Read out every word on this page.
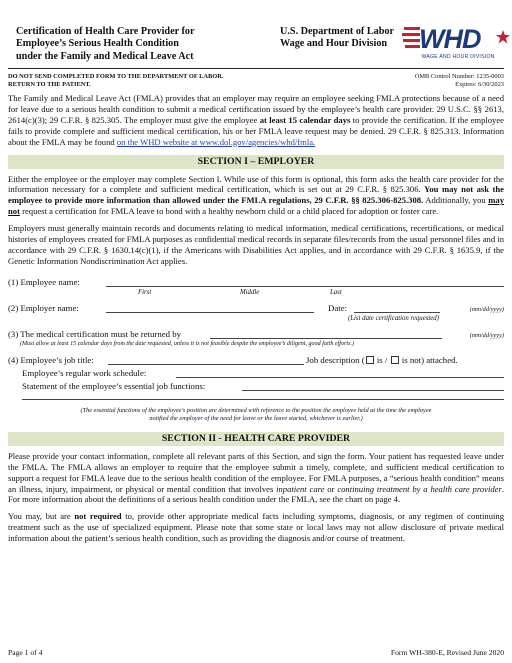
Certification of Health Care Provider for
Employee’s Serious Health Condition
under the Family and Medical Leave Act
U.S. Department of Labor
Wage and Hour Division	WHD
WAGE AND HOUR DIVISION
DO NOT SEND COMPLETED FORM TO THE DEPARTMENT OF LABOR.
RETURN TO THE PATIENT.
OMB Control Number: 1235-0003
Expires: 6/30/2023

The Family and Medical Leave Act (FMLA) provides that an employer may require an employee seeking FMLA protections because of a need for leave due to a serious health condition to submit a medical certification issued by the employee’s health care provider. 29 U.S.C. §§ 2613, 2614(c)(3); 29 C.F.R. § 825.305. The employer must give the employee at least 15 calendar days to provide the certification. If the employee fails to provide complete and sufficient medical certification, his or her FMLA leave request may be denied. 29 C.F.R. § 825.313. Information about the FMLA may be found on the WHD website at www.dol.gov/agencies/whd/fmla.

SECTION I – EMPLOYER

Either the employee or the employer may complete Section I. While use of this form is optional, this form asks the health care provider for the information necessary for a complete and sufficient medical certification, which is set out at 29 C.F.R. § 825.306. You may not ask the employee to provide more information than allowed under the FMLA regulations, 29 C.F.R. §§ 825.306-825.308. Additionally, you may not request a certification for FMLA leave to bond with a healthy newborn child or a child placed for adoption or foster care.

Employers must generally maintain records and documents relating to medical information, medical certifications, recertifications, or medical histories of employees created for FMLA purposes as confidential medical records in separate files/records from the usual personnel files and in accordance with 29 C.F.R. § 1630.14(c)(1), if the Americans with Disabilities Act applies, and in accordance with 29 C.F.R. § 1635.9, if the Genetic Information Nondiscrimination Act applies.

(1) Employee name:
First	Middle	Last
(2) Employer name:	Date:	(mm/dd/yyyy)
(List date certification requested)
(3) The medical certification must be returned by	(mm/dd/yyyy)
(Must allow at least 15 calendar days from the date requested, unless it is not feasible despite the employee’s diligent, good faith efforts.)
(4) Employee’s job title:	Job description ( is /  is not) attached.
Employee’s regular work schedule:
Statement of the employee’s essential job functions:
(The essential functions of the employee's position are determined with reference to the position the employee held at the time the employee
notified the employer of the need for leave or the leave started, whichever is earlier.)
SECTION II - HEALTH CARE PROVIDER

Please provide your contact information, complete all relevant parts of this Section, and sign the form. Your patient has requested leave under the FMLA. The FMLA allows an employer to require that the employee submit a timely, complete, and sufficient medical certification to support a request for FMLA leave due to the serious health condition of the employee. For FMLA purposes, a “serious health condition” means an illness, injury, impairment, or physical or mental condition that involves inpatient care or continuing treatment by a health care provider. For more information about the definitions of a serious health condition under the FMLA, see the chart on page 4.

You may, but are not required to, provide other appropriate medical facts including symptoms, diagnosis, or any regimen of continuing treatment such as the use of specialized equipment. Please note that some state or local laws may not allow disclosure of private medical information about the patient’s serious health condition, such as providing the diagnosis and/or course of treatment.

Page 1 of 4	Form WH-380-E, Revised June 2020
